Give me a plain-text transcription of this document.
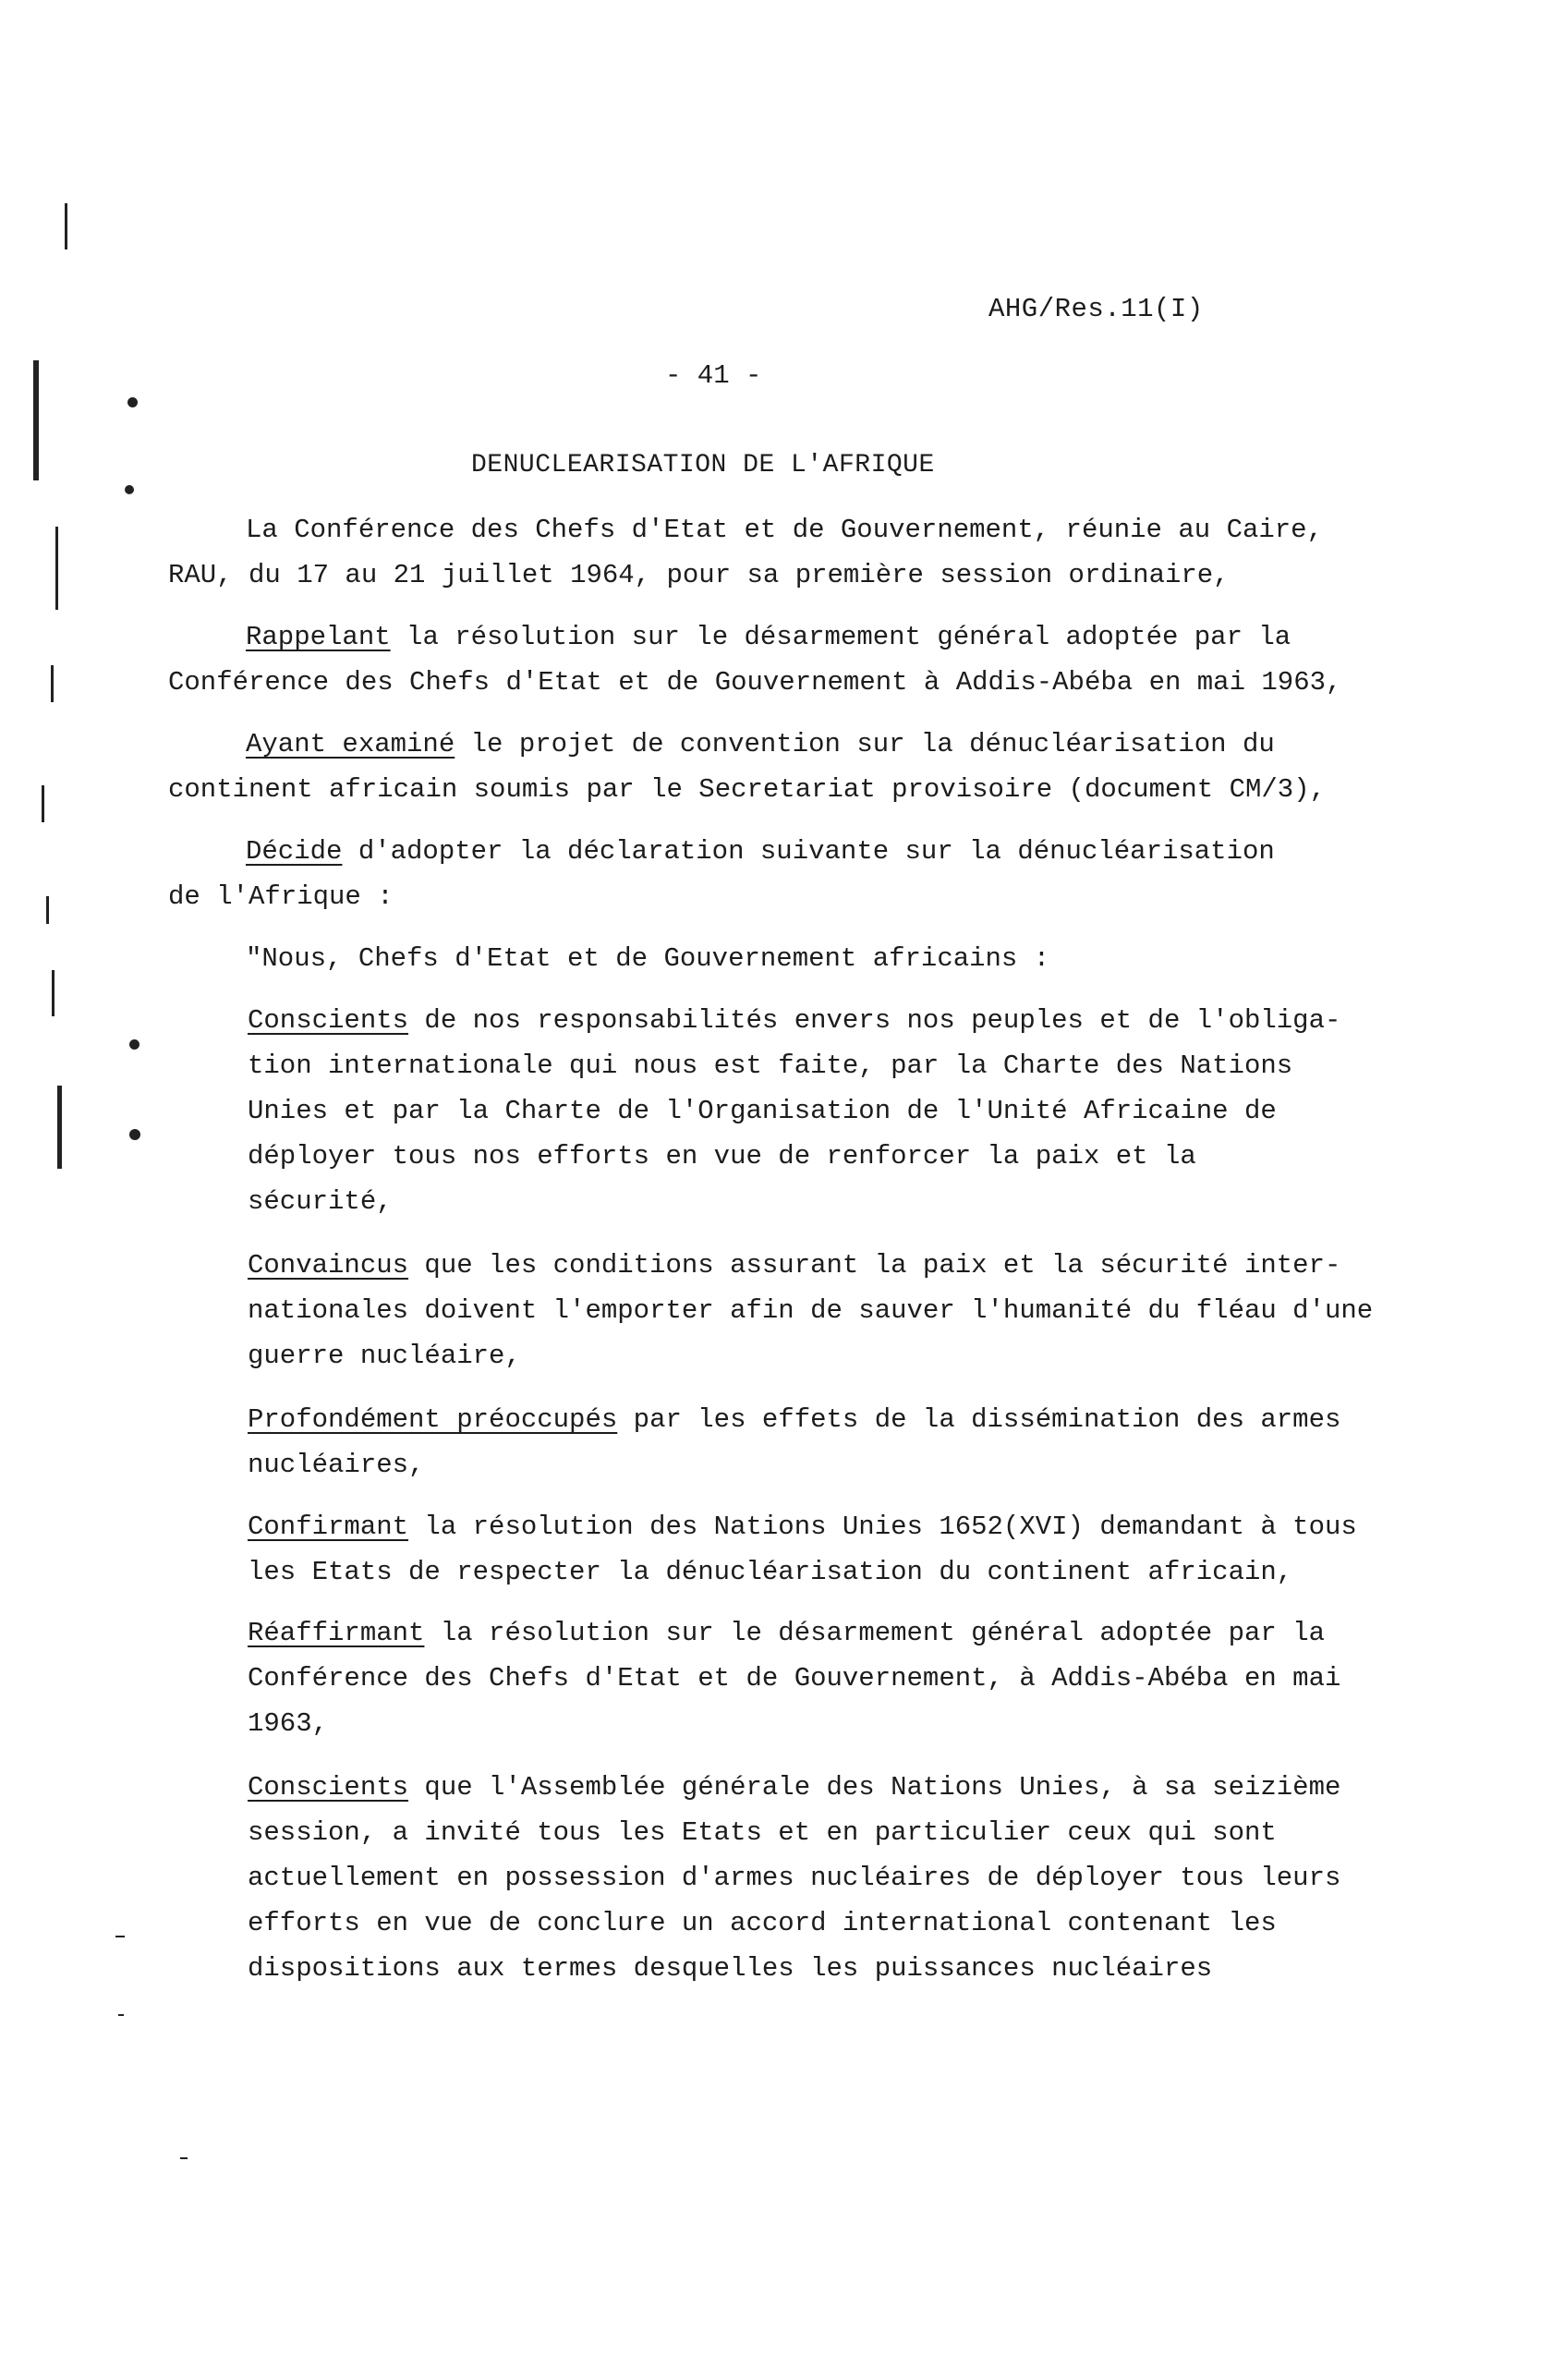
AHG/Res.11(I)
- 41 -
DENUCLEARISATION DE L'AFRIQUE
La Conférence des Chefs d'Etat et de Gouvernement, réunie au Caire,
RAU, du 17 au 21 juillet 1964, pour sa première session ordinaire,
Rappelant la résolution sur le désarmement général adoptée par la
Conférence des Chefs d'Etat et de Gouvernement à Addis-Abéba en mai 1963,
Ayant examiné le projet de convention sur la dénucléarisation du
continent africain soumis par le Secretariat provisoire (document CM/3),
Décide d'adopter la déclaration suivante sur la dénucléarisation
de l'Afrique :
"Nous, Chefs d'Etat et de Gouvernement africains :
Conscients de nos responsabilités envers nos peuples et de l'obliga-
tion internationale qui nous est faite, par la Charte des Nations
Unies et par la Charte de l'Organisation de l'Unité Africaine de
déployer tous nos efforts en vue de renforcer la paix et la
sécurité,
Convaincus que les conditions assurant la paix et la sécurité inter-
nationales doivent l'emporter afin de sauver l'humanité du fléau d'une
guerre nucléaire,
Profondément préoccupés par les effets de la dissémination des armes
nucléaires,
Confirmant la résolution des Nations Unies 1652(XVI) demandant à tous
les Etats de respecter la dénucléarisation du continent africain,
Réaffirmant la résolution sur le désarmement général adoptée par la
Conférence des Chefs d'Etat et de Gouvernement, à Addis-Abéba en mai
1963,
Conscients que l'Assemblée générale des Nations Unies, à sa seizième
session, a invité tous les Etats et en particulier ceux qui sont
actuellement en possession d'armes nucléaires de déployer tous leurs
efforts en vue de conclure un accord international contenant les
dispositions aux termes desquelles les puissances nucléaires
